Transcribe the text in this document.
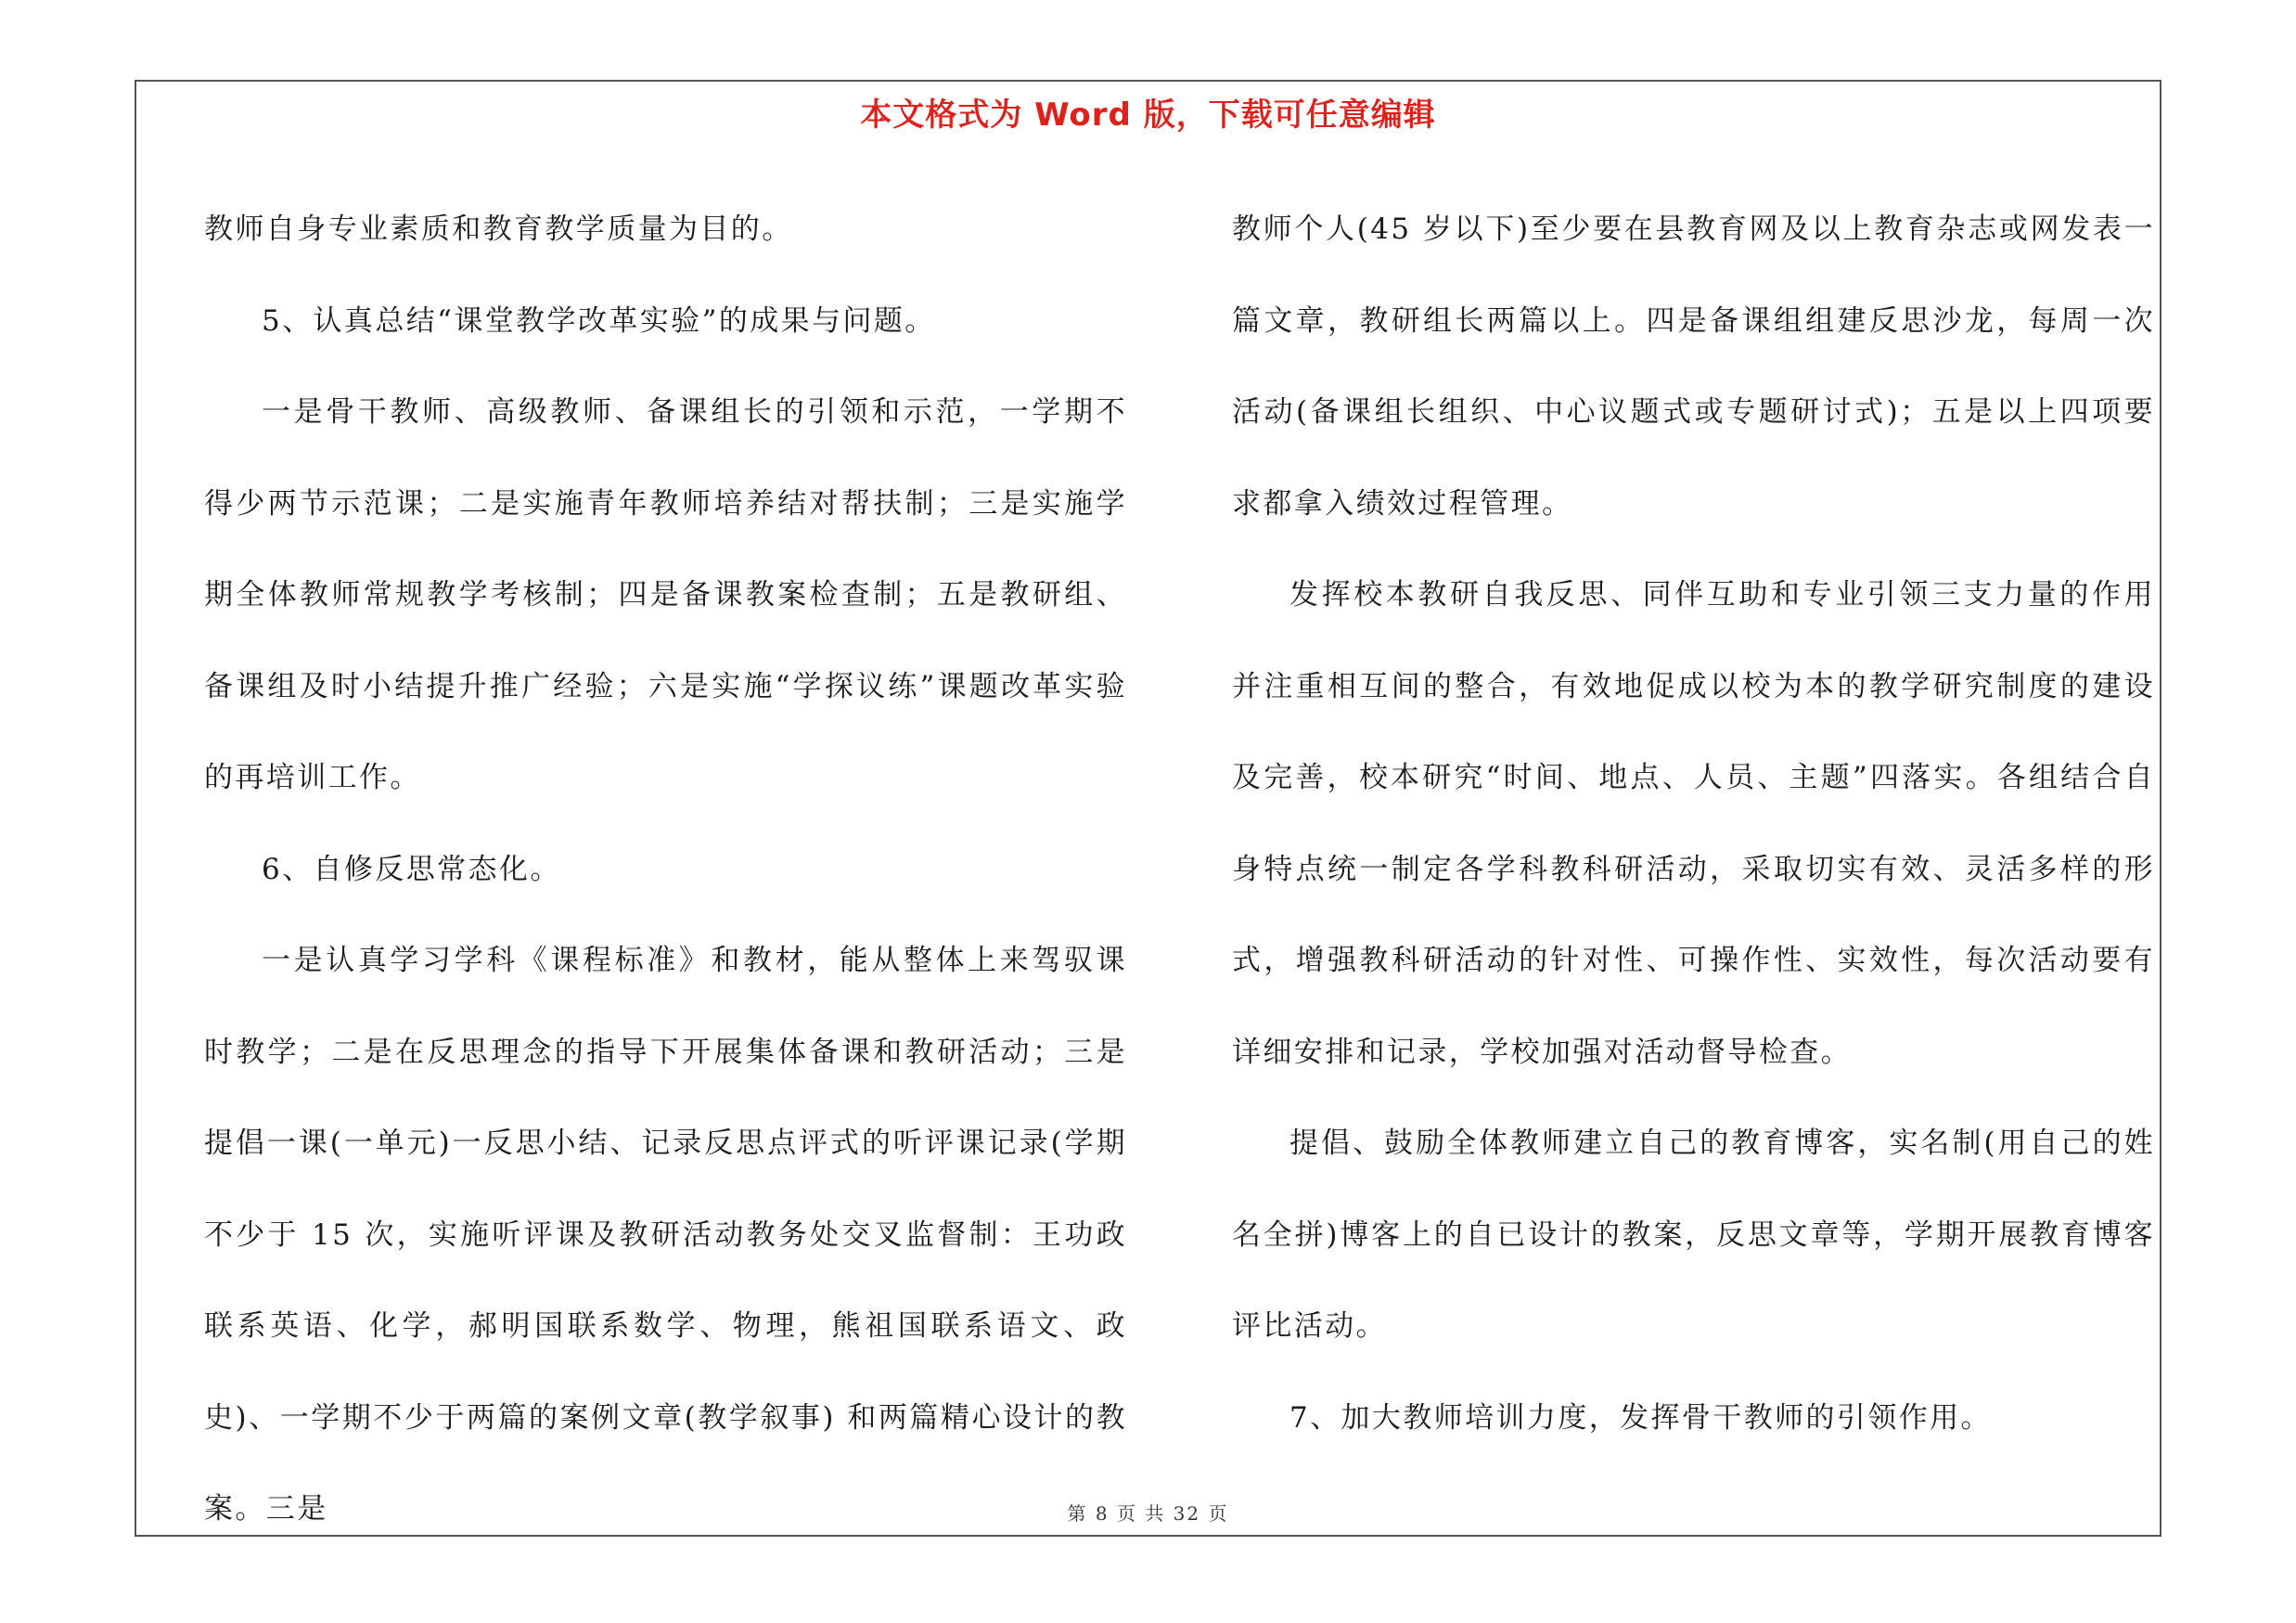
本文格式为 Word 版，下载可任意编辑

教师自身专业素质和教育教学质量为目的。

5、认真总结“课堂教学改革实验”的成果与问题。

一是骨干教师、高级教师、备课组长的引领和示范，一学期不得少两节示范课；二是实施青年教师培养结对帮扶制；三是实施学期全体教师常规教学考核制；四是备课教案检查制；五是教研组、备课组及时小结提升推广经验；六是实施“学探议练”课题改革实验的再培训工作。

6、自修反思常态化。

一是认真学习学科《课程标准》和教材，能从整体上来驾驭课时教学；二是在反思理念的指导下开展集体备课和教研活动；三是提倡一课(一单元)一反思小结、记录反思点评式的听评课记录(学期不少于 15 次，实施听评课及教研活动教务处交叉监督制：王功政联系英语、化学，郝明国联系数学、物理，熊祖国联系语文、政史)、一学期不少于两篇的案例文章(教学叙事) 和两篇精心设计的教案。三是

教师个人(45 岁以下)至少要在县教育网及以上教育杂志或网发表一篇文章，教研组长两篇以上。四是备课组组建反思沙龙，每周一次活动(备课组长组织、中心议题式或专题研讨式)；五是以上四项要求都拿入绩效过程管理。

发挥校本教研自我反思、同伴互助和专业引领三支力量的作用并注重相互间的整合，有效地促成以校为本的教学研究制度的建设及完善，校本研究“时间、地点、人员、主题”四落实。各组结合自身特点统一制定各学科教科研活动，采取切实有效、灵活多样的形式，增强教科研活动的针对性、可操作性、实效性，每次活动要有详细安排和记录，学校加强对活动督导检查。

提倡、鼓励全体教师建立自己的教育博客，实名制(用自己的姓名全拼)博客上的自已设计的教案，反思文章等，学期开展教育博客评比活动。

7、加大教师培训力度，发挥骨干教师的引领作用。

第 8 页 共 32 页
